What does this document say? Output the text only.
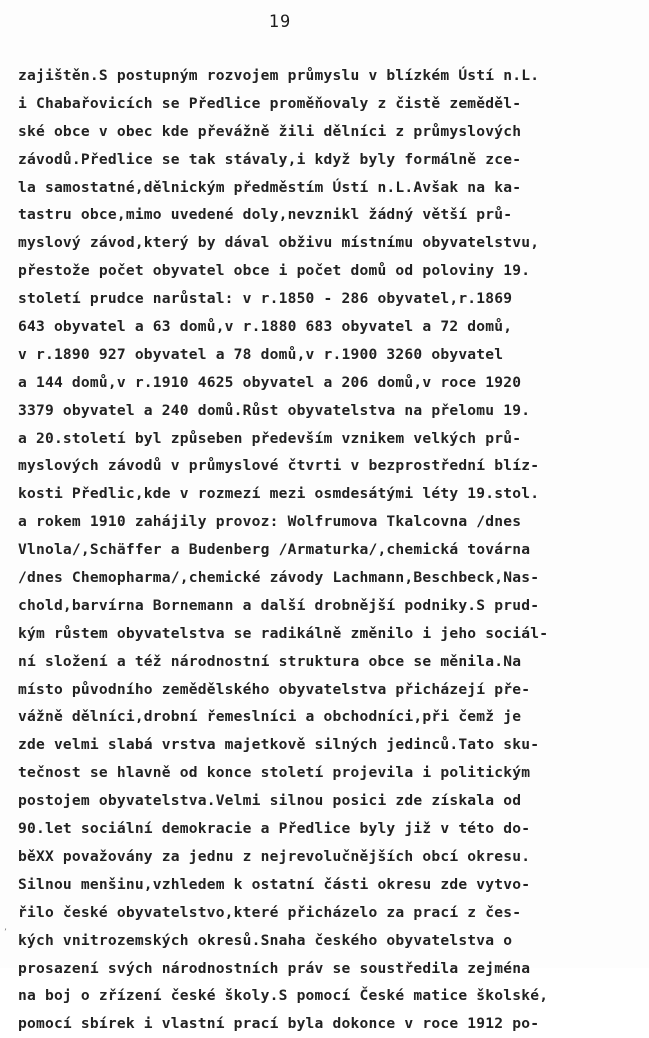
19
zajištěn.S postupným rozvojem průmyslu v blízkém Ústí n.L.
i Chabařovicích se Předlice proměňovaly z čistě zeměděl-
ské obce v obec kde převážně žili dělníci z průmyslových
závodů.Předlice se tak stávaly,i když byly formálně zce-
la samostatné,dělnickým předměstím Ústí n.L.Avšak na ka-
tastru obce,mimo uvedené doly,nevznikl žádný větší prů-
myslový závod,který by dával obživu místnímu obyvatelstvu,
přestože počet obyvatel obce i počet domů od poloviny 19.
století prudce narůstal: v r.1850 - 286 obyvatel,r.1869
643 obyvatel a 63 domů,v r.1880 683 obyvatel a 72 domů,
v r.1890 927 obyvatel a 78 domů,v r.1900 3260 obyvatel
a 144 domů,v r.1910 4625 obyvatel a 206 domů,v roce 1920
3379 obyvatel a 240 domů.Růst obyvatelstva na přelomu 19.
a 20.století byl způseben především vznikem velkých prů-
myslových závodů v průmyslové čtvrti v bezprostřední blíz-
kosti Předlic,kde v rozmezí mezi osmdesátými léty 19.stol.
a rokem 1910 zahájily provoz: Wolfrumova Tkalcovna /dnes
Vlnola/,Schäffer a Budenberg /Armaturka/,chemická továrna
/dnes Chemopharma/,chemické závody Lachmann,Beschbeck,Nas-
chold,barvírna Bornemann a další drobnější podniky.S prud-
kým růstem obyvatelstva se radikálně změnilo i jeho sociál-
ní složení a též národnostní struktura obce se měnila.Na
místo původního zemědělského obyvatelstva přicházejí pře-
vážně dělníci,drobní řemeslníci a obchodníci,při čemž je
zde velmi slabá vrstva majetkově silných jedinců.Tato sku-
tečnost se hlavně od konce století projevila i politickým
postojem obyvatelstva.Velmi silnou posici zde získala od
90.let sociální demokracie a Předlice byly již v této do-
běXX považovány za jednu z nejrevolučnějších obcí okresu.
Silnou menšinu,vzhledem k ostatní části okresu zde vytvo-
řilo české obyvatelstvo,které přicházelo za prací z čes-
kých vnitrozemských okresů.Snaha českého obyvatelstva o
prosazení svých národnostních práv se soustředila zejména
na boj o zřízení české školy.S pomocí České matice školské,
pomocí sbírek i vlastní prací byla dokonce v roce 1912 po-
ʼ
